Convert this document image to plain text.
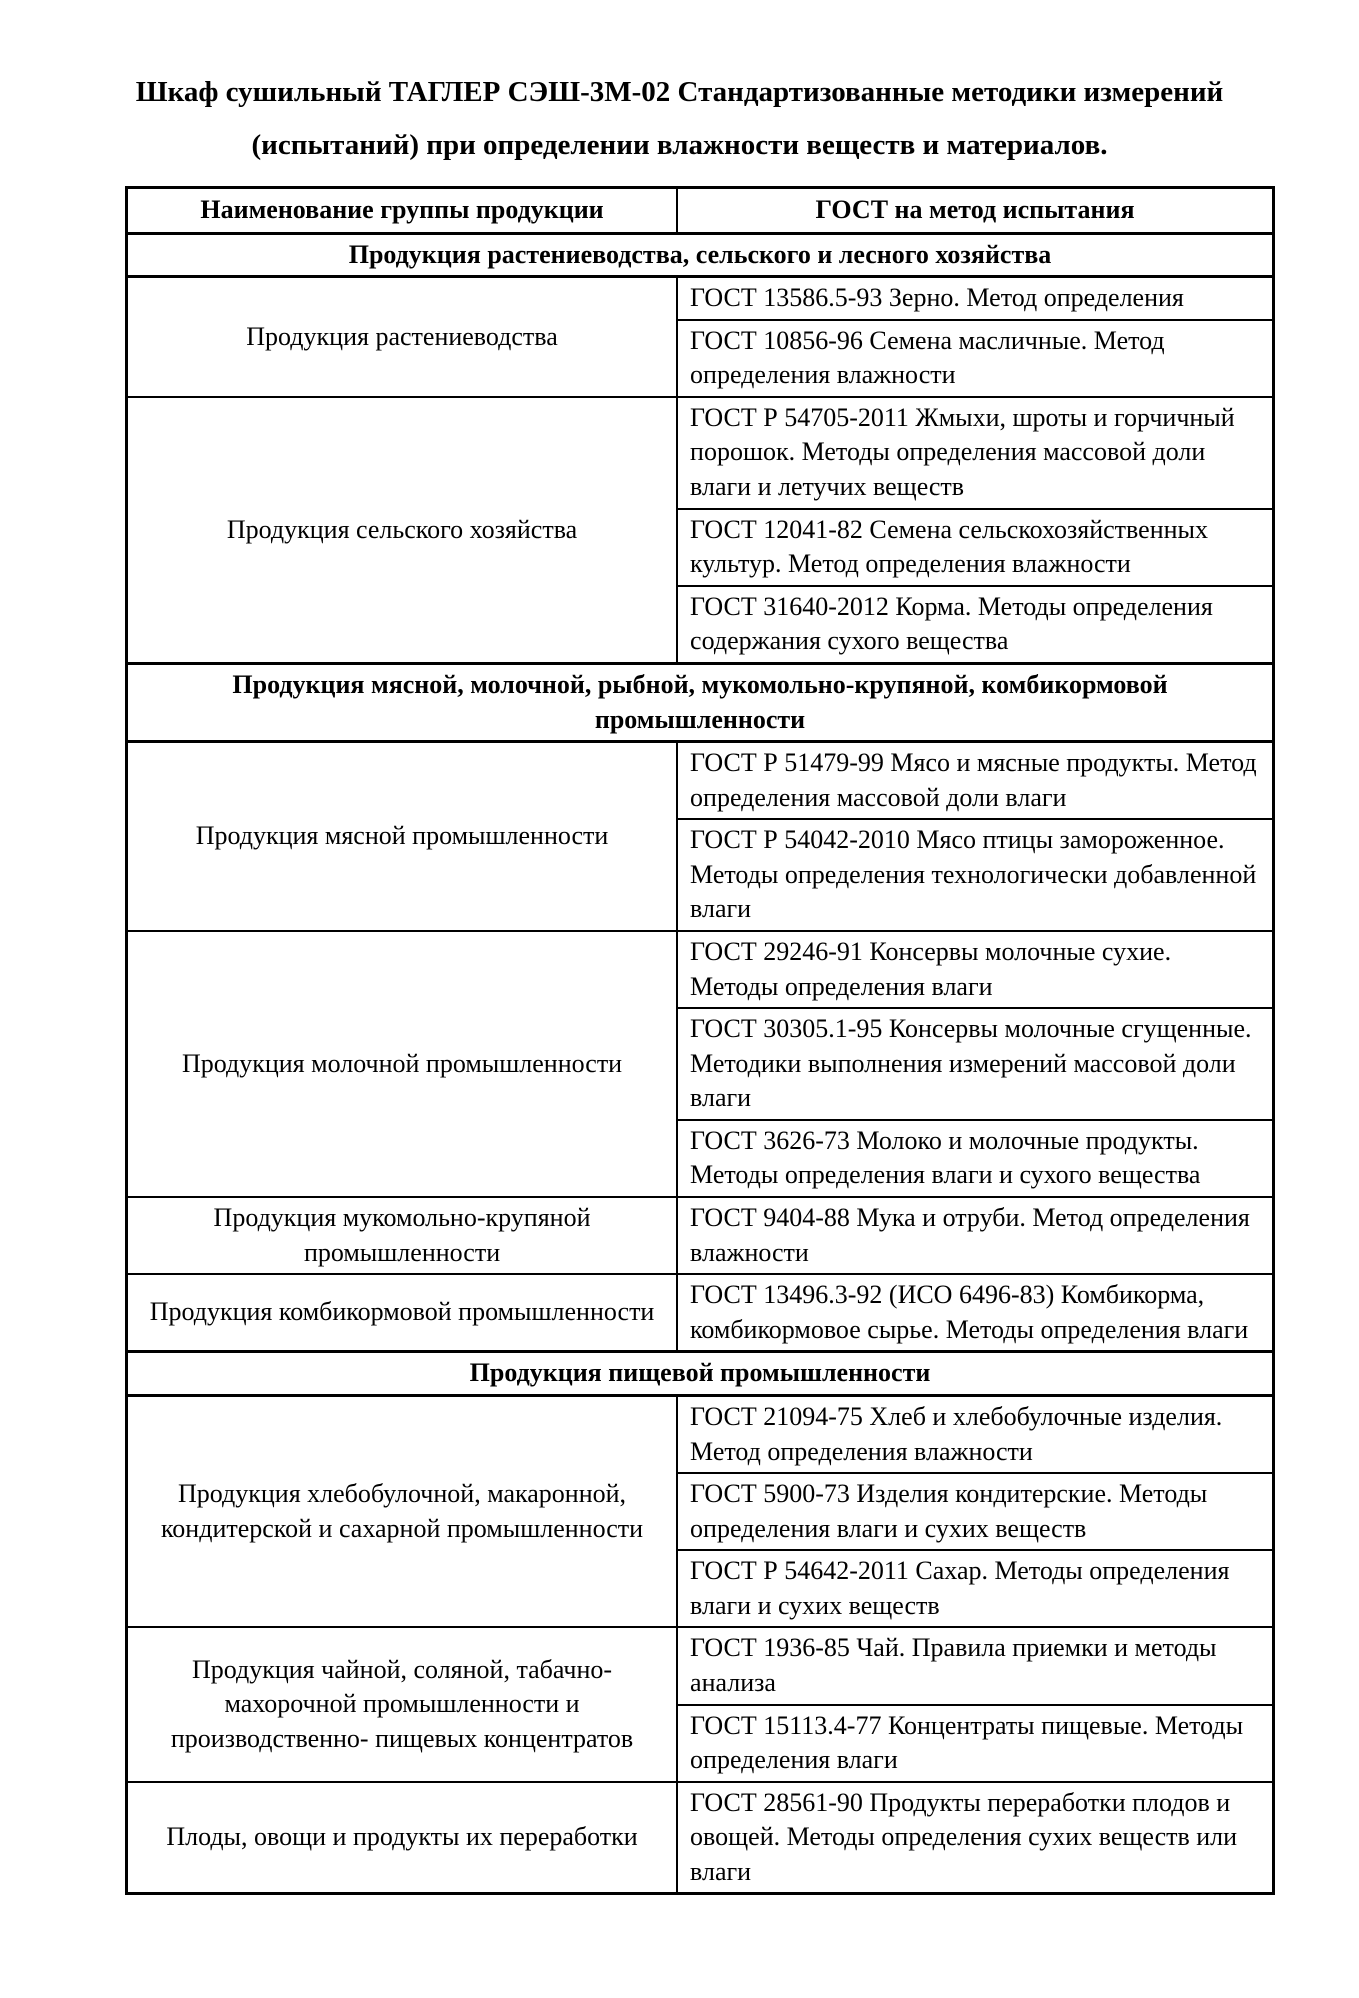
Шкаф сушильный ТАГЛЕР СЭШ-3М-02 Стандартизованные методики измерений
(испытаний) при определении влажности веществ и материалов.
Наименование группы продукции	ГОСТ на метод испытания
Продукция растениеводства, сельского и лесного хозяйства	
Продукция растениеводства	ГОСТ 13586.5-93 Зерно. Метод определения
	ГОСТ 10856-96 Семена масличные. Метод определения влажности
Продукция сельского хозяйства	ГОСТ Р 54705-2011 Жмыхи, шроты и горчичный порошок. Методы определения массовой доли влаги и летучих веществ
	ГОСТ 12041-82 Семена сельскохозяйственных культур. Метод определения влажности
	ГОСТ 31640-2012 Корма. Методы определения содержания сухого вещества
Продукция мясной, молочной, рыбной, мукомольно-крупяной, комбикормовой промышленности	
Продукция мясной промышленности	ГОСТ Р 51479-99 Мясо и мясные продукты. Метод определения массовой доли влаги
	ГОСТ Р 54042-2010 Мясо птицы замороженное. Методы определения технологически добавленной влаги
Продукция молочной промышленности	ГОСТ 29246-91 Консервы молочные сухие. Методы определения влаги
	ГОСТ 30305.1-95 Консервы молочные сгущенные. Методики выполнения измерений массовой доли влаги
	ГОСТ 3626-73 Молоко и молочные продукты. Методы определения влаги и сухого вещества
Продукция мукомольно-крупяной промышленности	ГОСТ 9404-88 Мука и отруби. Метод определения влажности
Продукция комбикормовой промышленности	ГОСТ 13496.3-92 (ИСО 6496-83) Комбикорма, комбикормовое сырье. Методы определения влаги
Продукция пищевой промышленности	
Продукция хлебобулочной, макаронной, кондитерской и сахарной промышленности	ГОСТ 21094-75 Хлеб и хлебобулочные изделия. Метод определения влажности
	ГОСТ 5900-73 Изделия кондитерские. Методы определения влаги и сухих веществ
	ГОСТ Р 54642-2011 Сахар. Методы определения влаги и сухих веществ
Продукция чайной, соляной, табачно-махорочной промышленности и производственно- пищевых концентратов	ГОСТ 1936-85 Чай. Правила приемки и методы анализа
	ГОСТ 15113.4-77 Концентраты пищевые. Методы определения влаги
Плоды, овощи и продукты их переработки	ГОСТ 28561-90 Продукты переработки плодов и овощей. Методы определения сухих веществ или влаги
